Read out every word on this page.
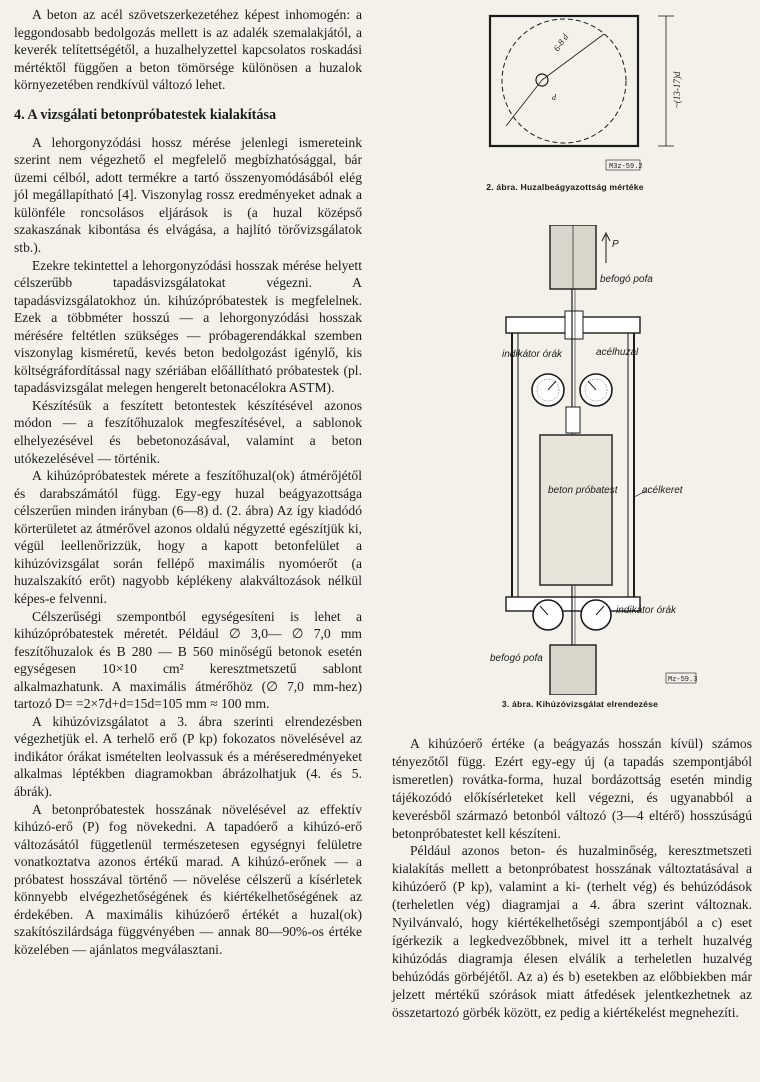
A beton az acél szövetszerkezetéhez képest inhomogén: a leggondosabb bedolgozás mellett is az adalék szemalakjától, a keverék telítettségétől, a huzalhelyzettel kapcsolatos roskadási mértéktől függően a beton tömörsége különösen a huzalok környezetében rendkívül változó lehet.

4. A vizsgálati betonpróbatestek kialakítása

A lehorgonyzódási hossz mérése jelenlegi ismereteink szerint nem végezhető el megfelelő megbízhatósággal, bár üzemi célból, adott termékre a tartó összenyomódásából elég jól megállapítható [4]. Viszonylag rossz eredményeket adnak a különféle roncsolásos eljárások is (a huzal középső szakaszának kibontása és elvágása, a hajlító törővizsgálatok stb.).

Ezekre tekintettel a lehorgonyzódási hosszak mérése helyett célszerűbb tapadásvizsgálatokat végezni. A tapadásvizsgálatokhoz ún. kihúzópróbatestek is megfelelnek. Ezek a többméter hosszú — a lehorgonyzódási hosszak mérésére feltétlen szükséges — próbagerendákkal szemben viszonylag kisméretű, kevés beton bedolgozást igénylő, kis költségráfordítással nagy szériában előállítható próbatestek (pl. tapadásvizsgálat melegen hengerelt betonacélokra ASTM).

Készítésük a feszített betontestek készítésével azonos módon — a feszítőhuzalok megfeszítésével, a sablonok elhelyezésével és bebetonozásával, valamint a beton utókezelésével — történik.

A kihúzópróbatestek mérete a feszítőhuzal(ok) átmérőjétől és darabszámától függ. Egy-egy huzal beágyazottsága célszerűen minden irányban (6—8) d. (2. ábra) Az így kiadódó körterületet az átmérővel azonos oldalú négyzetté egészítjük ki, végül leellenőrizzük, hogy a kapott betonfelület a kihúzóvizsgálat során fellépő maximális nyomóerőt (a huzalszakító erőt) nagyobb képlékeny alakváltozások nélkül képes-e felvenni.

Célszerűségi szempontból egységesíteni is lehet a kihúzópróbatestek méretét. Például ∅ 3,0— ∅ 7,0 mm feszítőhuzalok és B 280 — B 560 minőségű betonok esetén egységesen 10×10 cm² keresztmetszetű sablont alkalmazhatunk. A maximális átmérőhöz (∅ 7,0 mm-hez) tartozó D= =2×7d+d=15d=105 mm ≈ 100 mm.

A kihúzóvizsgálatot a 3. ábra szerinti elrendezésben végezhetjük el. A terhelő erő (P kp) fokozatos növelésével az indikátor órákat ismételten leolvassuk és a méréseredményeket alkalmas léptékben diagramokban ábrázolhatjuk (4. és 5. ábrák).

A betonpróbatestek hosszának növelésével az effektív kihúzó-erő (P) fog növekedni. A tapadóerő a kihúzó-erő változásától függetlenül természetesen egységnyi felületre vonatkoztatva azonos értékű marad. A kihúzó-erőnek — a próbatest hosszával történő — növelése célszerű a kísérletek könnyebb elvégezhetőségének és kiértékelhetőségének az érdekében. A maximális kihúzóerő értékét a huzal(ok) szakítószilárdsága függvényében — annak 80—90%-os értéke közelében — ajánlatos megválasztani.

6-8 d
d	~(13-17)d
M3z-59.2

2. ábra. Huzalbeágyazottság mértéke

P
befogó pofa
indikátor órák	acélhuzal
beton próbatest acélkeret
indikátor órák
befogó pofa
Mz-59.3

3. ábra. Kihúzóvizsgálat elrendezése

A kihúzóerő értéke (a beágyazás hosszán kívül) számos tényezőtől függ. Ezért egy-egy új (a tapadás szempontjából ismeretlen) rovátka-forma, huzal bordázottság esetén mindig tájékozódó előkísérleteket kell végezni, és ugyanabból a keverésből származó betonból változó (3—4 eltérő) hosszúságú betonpróbatestet kell készíteni.

Például azonos beton- és huzalminőség, keresztmetszeti kialakítás mellett a betonpróbatest hosszának változtatásával a kihúzóerő (P kp), valamint a ki- (terhelt vég) és behúzódások (terheletlen vég) diagramjai a 4. ábra szerint változnak. Nyilvánvaló, hogy kiértékelhetőségi szempontjából a c) eset ígérkezik a legkedvezőbbnek, mivel itt a terhelt huzalvég kihúzódás diagramja élesen elválik a terheletlen huzalvég behúzódás görbéjétől. Az a) és b) esetekben az előbbiekben már jelzett mértékű szórások miatt átfedések jelentkezhetnek az összetartozó görbék között, ez pedig a kiértékelést megnehezíti.
